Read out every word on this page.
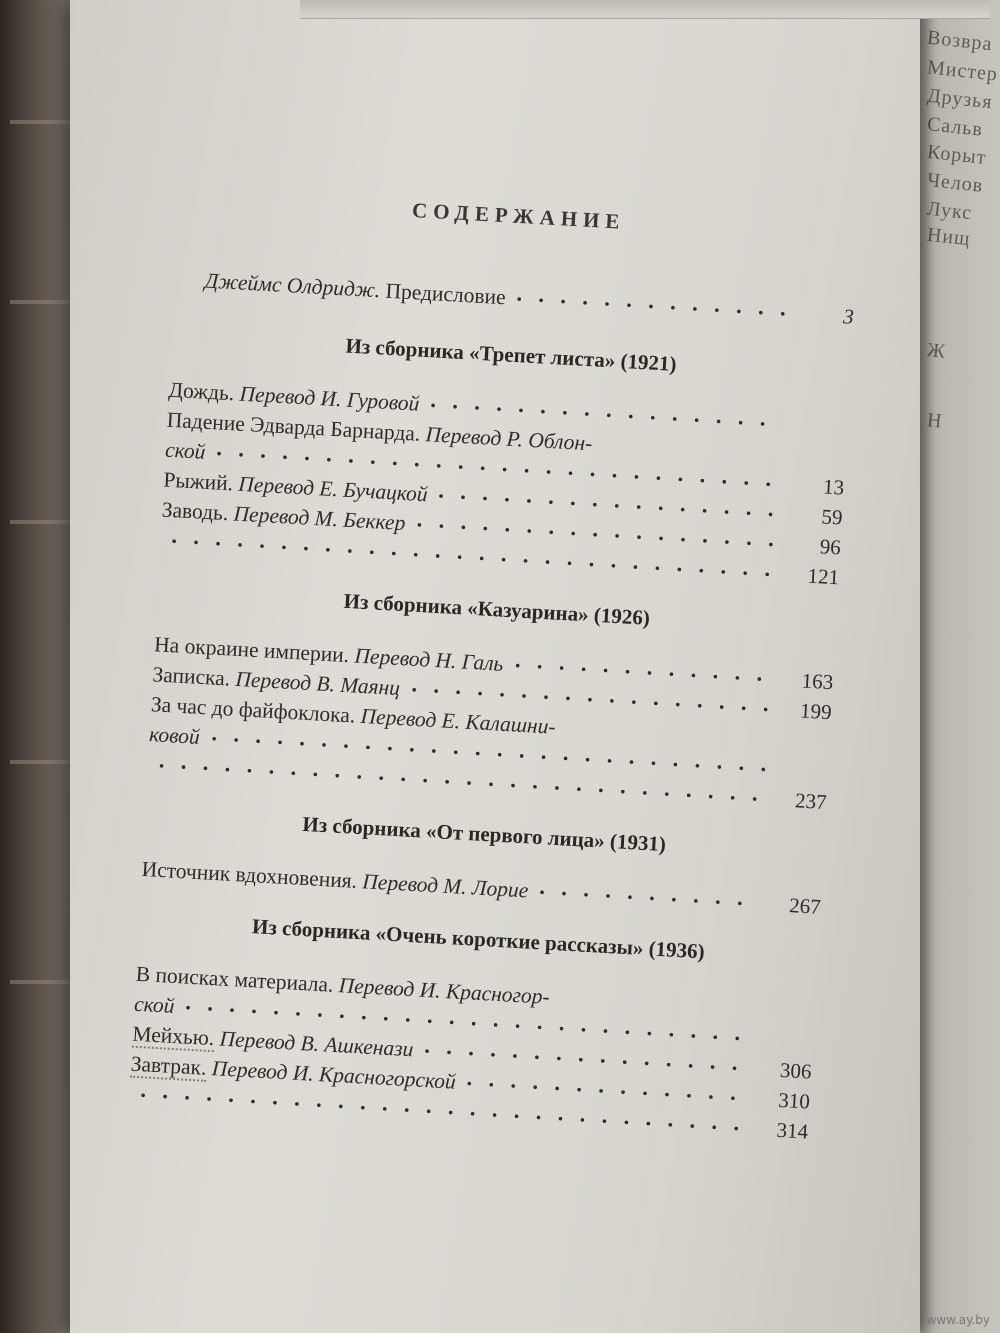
Возвра
Мистер
Друзья
Сальв
Корыт
Челов
Лукс
Нищ
Ж
Н
СОДЕРЖАНИЕ
Джеймс Олдридж. Предисловие
3
Из сборника «Трепет листа» (1921)
Дождь. Перевод И. Гуровой
Падение Эдварда Барнарда. Перевод Р. Облон-
ской
13
Рыжий. Перевод Е. Бучацкой
59
Заводь. Перевод М. Беккер
96
121
Из сборника «Казуарина» (1926)
На окраине империи. Перевод Н. Галь
163
Записка. Перевод В. Маянц
199
За час до файфоклока. Перевод Е. Калашни-
ковой
237
Из сборника «От первого лица» (1931)
Источник вдохновения. Перевод М. Лорие
267
Из сборника «Очень короткие рассказы» (1936)
В поисках материала. Перевод И. Красногор-
ской
Мейхью. Перевод В. Ашкенази
306
Завтрак. Перевод И. Красногорской
310
314
www.ay.by
